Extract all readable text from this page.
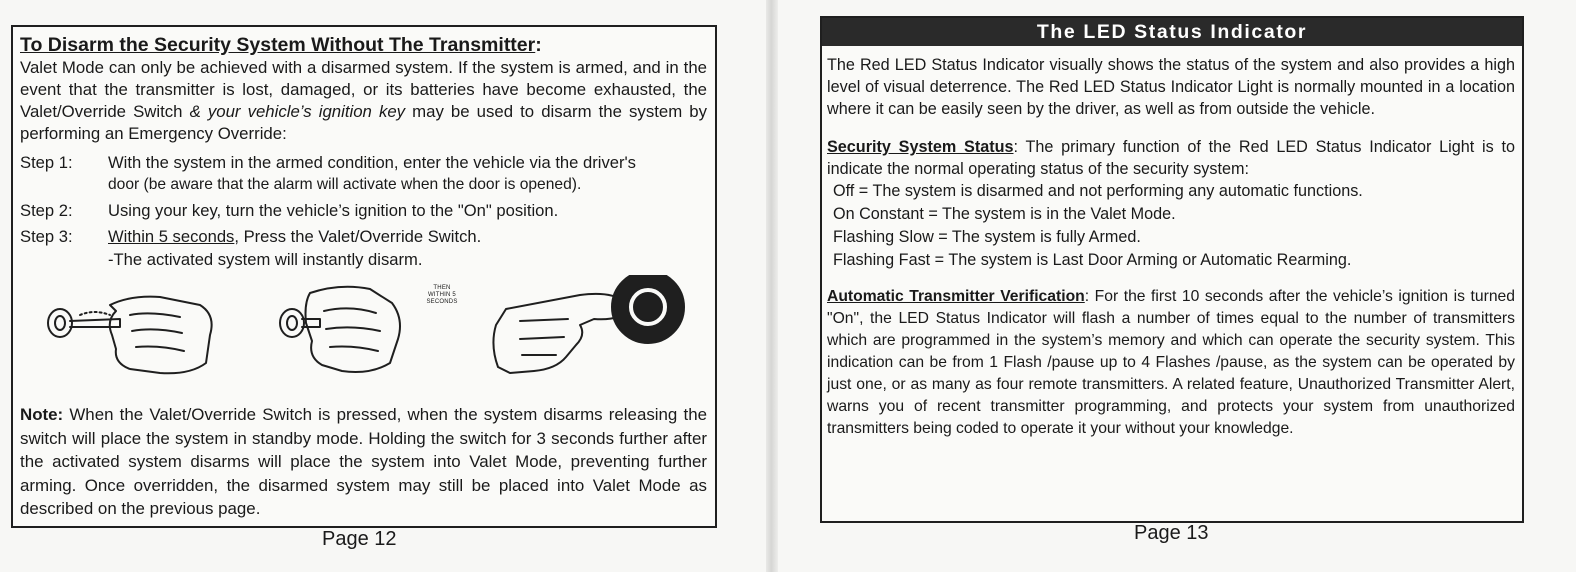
To Disarm the Security System Without The Transmitter:

Valet Mode can only be achieved with a disarmed system. If the system is armed, and in the event that the transmitter is lost, damaged, or its batteries have become exhausted, the Valet/Override Switch & your vehicle’s ignition key may be used to disarm the system by performing an Emergency Override:

Step 1:	With the system in the armed condition, enter the vehicle via the driver's
door (be aware that the alarm will activate when the door is opened).
Step 2:	Using your key, turn the vehicle’s ignition to the "On" position.
Step 3:	Within 5 seconds, Press the Valet/Override Switch.
-The activated system will instantly disarm.
THEN WITHIN 5 SECONDS

Note: When the Valet/Override Switch is pressed, when the system disarms releasing the switch will place the system in standby mode. Holding the switch for 3 seconds further after the activated system disarms will place the system into Valet Mode, preventing further arming. Once overridden, the disarmed system may still be placed into Valet Mode as described on the previous page.

Page 12
The LED Status Indicator

The Red LED Status Indicator visually shows the status of the system and also provides a high level of visual deterrence. The Red LED Status Indicator Light is normally mounted in a location where it can be easily seen by the driver, as well as from outside the vehicle.

Security System Status: The primary function of the Red LED Status Indicator Light is to indicate the normal operating status of the security system:

Off = The system is disarmed and not performing any automatic functions.
On Constant = The system is in the Valet Mode.
Flashing Slow = The system is fully Armed.
Flashing Fast = The system is Last Door Arming or Automatic Rearming.

Automatic Transmitter Verification: For the first 10 seconds after the vehicle’s ignition is turned "On", the LED Status Indicator will flash a number of times equal to the number of transmitters which are programmed in the system’s memory and which can operate the security system. This indication can be from 1 Flash /pause up to 4 Flashes /pause, as the system can be operated by just one, or as many as four remote transmitters. A related feature, Unauthorized Transmitter Alert, warns you of recent transmitter programming, and protects your system from unauthorized transmitters being coded to operate it your without your knowledge.

Page 13
